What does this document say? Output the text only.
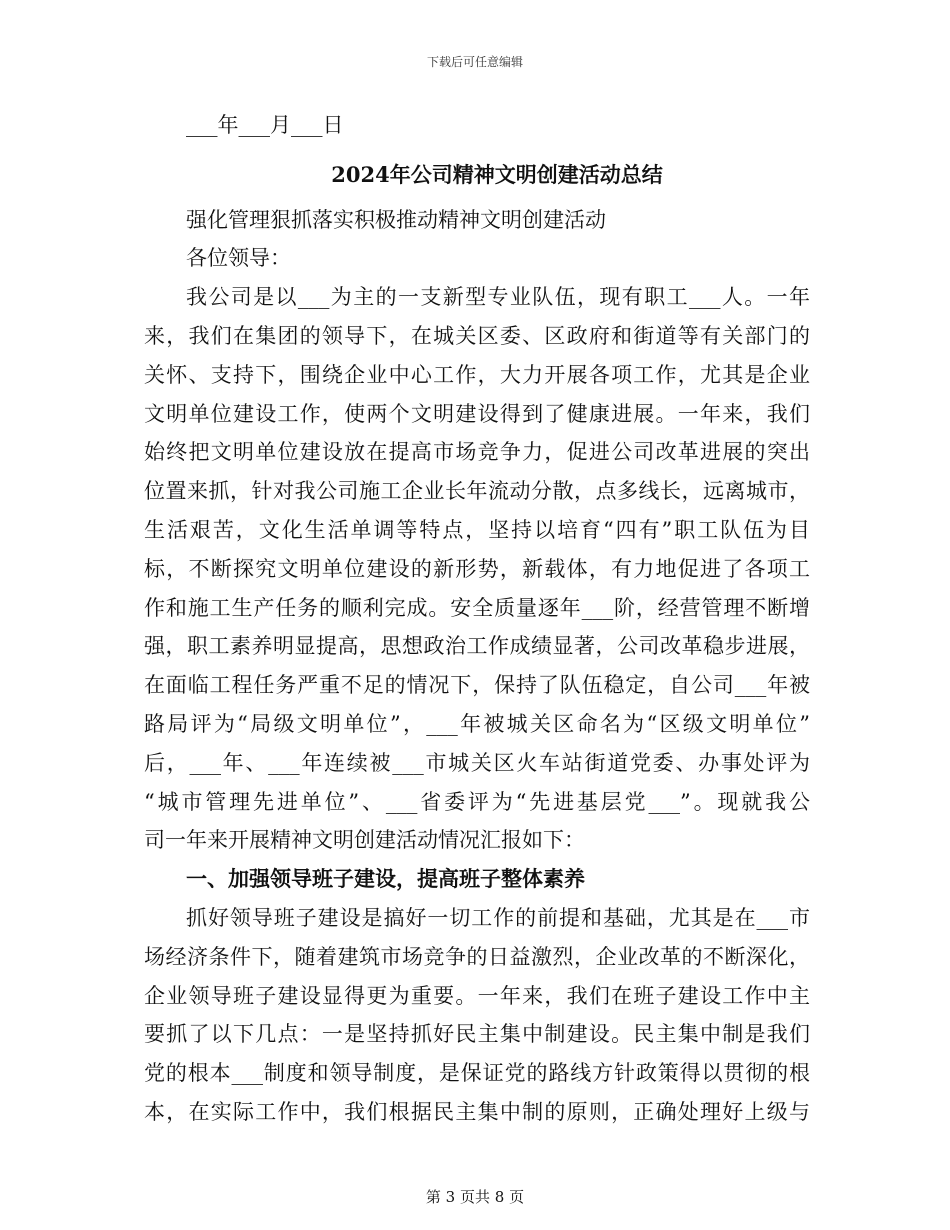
下载后可任意编辑
___年___月___日
2024年公司精神文明创建活动总结
强化管理狠抓落实积极推动精神文明创建活动
各位领导：
我公司是以___为主的一支新型专业队伍，现有职工___人。一年
来，我们在集团的领导下，在城关区委、区政府和街道等有关部门的
关怀、支持下，围绕企业中心工作，大力开展各项工作，尤其是企业
文明单位建设工作，使两个文明建设得到了健康进展。一年来，我们
始终把文明单位建设放在提高市场竞争力，促进公司改革进展的突出
位置来抓，针对我公司施工企业长年流动分散，点多线长，远离城市，
生活艰苦，文化生活单调等特点，坚持以培育“四有”职工队伍为目
标，不断探究文明单位建设的新形势，新载体，有力地促进了各项工
作和施工生产任务的顺利完成。安全质量逐年___阶，经营管理不断增
强，职工素养明显提高，思想政治工作成绩显著，公司改革稳步进展，
在面临工程任务严重不足的情况下，保持了队伍稳定，自公司___年被
路局评为“局级文明单位”，___年被城关区命名为“区级文明单位”
后，___年、___年连续被___市城关区火车站街道党委、办事处评为
“城市管理先进单位”、___省委评为“先进基层党___”。现就我公
司一年来开展精神文明创建活动情况汇报如下：
一、加强领导班子建设，提高班子整体素养
抓好领导班子建设是搞好一切工作的前提和基础，尤其是在___市
场经济条件下，随着建筑市场竞争的日益激烈，企业改革的不断深化，
企业领导班子建设显得更为重要。一年来，我们在班子建设工作中主
要抓了以下几点：一是坚持抓好民主集中制建设。民主集中制是我们
党的根本___制度和领导制度，是保证党的路线方针政策得以贯彻的根
本，在实际工作中，我们根据民主集中制的原则，正确处理好上级与
第 3 页共 8 页
